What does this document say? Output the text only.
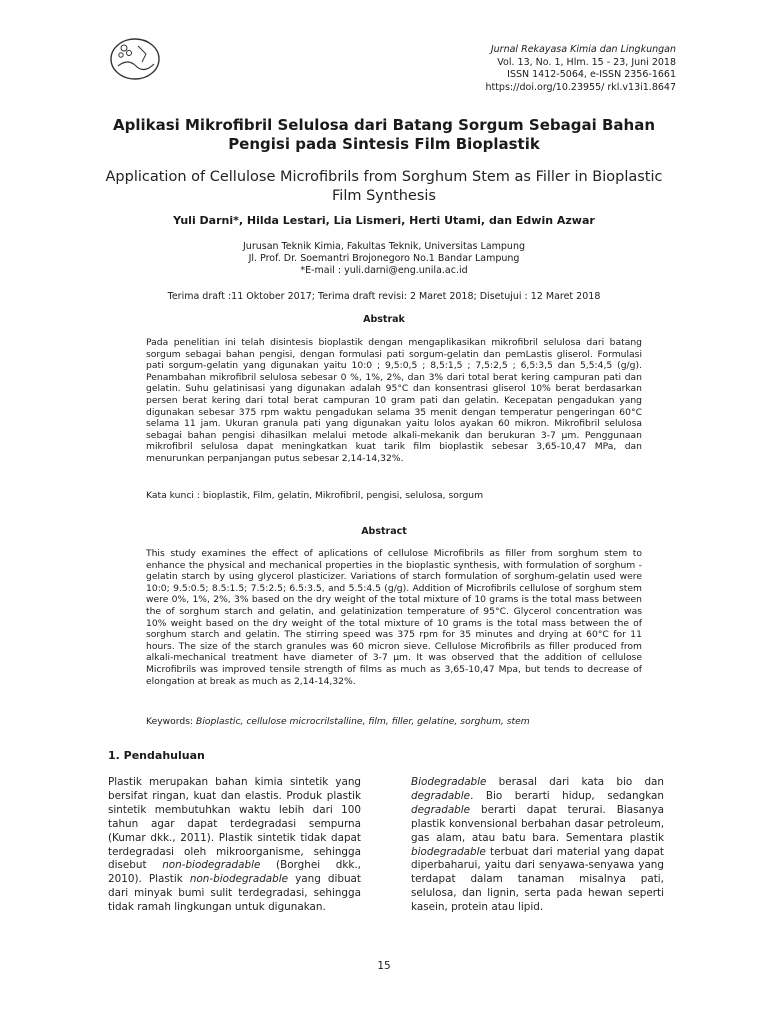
Jurnal Rekayasa Kimia dan Lingkungan
Vol. 13, No. 1, Hlm. 15 - 23, Juni 2018
ISSN 1412-5064, e-ISSN 2356-1661
https://doi.org/10.23955/ rkl.v13i1.8647
Aplikasi Mikrofibril Selulosa dari Batang Sorgum Sebagai Bahan Pengisi pada Sintesis Film Bioplastik
Application of Cellulose Microfibrils from Sorghum Stem as Filler in Bioplastic Film Synthesis
Yuli Darni*, Hilda Lestari, Lia Lismeri, Herti Utami, dan Edwin Azwar
Jurusan Teknik Kimia, Fakultas Teknik, Universitas Lampung
Jl. Prof. Dr. Soemantri Brojonegoro No.1 Bandar Lampung
*E-mail : yuli.darni@eng.unila.ac.id
Terima draft :11 Oktober 2017; Terima draft revisi: 2 Maret 2018; Disetujui : 12 Maret 2018
Abstrak
Pada penelitian ini telah disintesis bioplastik dengan mengaplikasikan mikrofibril selulosa dari batang sorgum sebagai bahan pengisi, dengan formulasi pati sorgum-gelatin dan pemLastis gliserol. Formulasi pati sorgum-gelatin yang digunakan yaitu 10:0 ; 9,5:0,5 ; 8,5:1,5 ; 7,5:2,5 ; 6,5:3,5 dan 5,5:4,5 (g/g). Penambahan mikrofibril selulosa sebesar 0 %, 1%, 2%, dan 3% dari total berat kering campuran pati dan gelatin. Suhu gelatinisasi yang digunakan adalah 95°C dan konsentrasi gliserol 10% berat berdasarkan persen berat kering dari total berat campuran 10 gram pati dan gelatin. Kecepatan pengadukan yang digunakan sebesar 375 rpm waktu pengadukan selama 35 menit dengan temperatur pengeringan 60°C selama 11 jam. Ukuran granula pati yang digunakan yaitu lolos ayakan 60 mikron. Mikrofibril selulosa sebagai bahan pengisi dihasilkan melalui metode alkali-mekanik dan berukuran 3-7 μm. Penggunaan mikrofibril selulosa dapat meningkatkan kuat tarik film bioplastik sebesar 3,65-10,47 MPa, dan menurunkan perpanjangan putus sebesar 2,14-14,32%.
Kata kunci : bioplastik, Film, gelatin, Mikrofibril, pengisi, selulosa, sorgum
Abstract
This study examines the effect of aplications of cellulose Microfibrils as filler from sorghum stem to enhance the physical and mechanical properties in the bioplastic synthesis, with formulation of sorghum - gelatin starch by using glycerol plasticizer. Variations of starch formulation of sorghum-gelatin used were 10:0; 9.5:0.5; 8.5:1.5; 7.5:2.5; 6.5:3.5, and 5.5:4.5 (g/g). Addition of Microfibrils cellulose of sorghum stem were 0%, 1%, 2%, 3% based on the dry weight of the total mixture of 10 grams is the total mass between the of sorghum starch and gelatin, and gelatinization temperature of 95°C. Glycerol concentration was 10% weight based on the dry weight of the total mixture of 10 grams is the total mass between the of sorghum starch and gelatin. The stirring speed was 375 rpm for 35 minutes and drying at 60°C for 11 hours. The size of the starch granules was 60 micron sieve. Cellulose Microfibrils as filler produced from alkali-mechanical treatment have diameter of 3-7 μm. It was observed that the addition of cellulose Microfibrils was improved tensile strength of films as much as 3,65-10,47 Mpa, but tends to decrease of elongation at break as much as 2,14-14,32%.
Keywords: Bioplastic, cellulose microcrilstalline, film, filler, gelatine, sorghum, stem
1. Pendahuluan
Plastik merupakan bahan kimia sintetik yang bersifat ringan, kuat dan elastis. Produk plastik sintetik membutuhkan waktu lebih dari 100 tahun agar dapat terdegradasi sempurna (Kumar dkk., 2011). Plastik sintetik tidak dapat terdegradasi oleh mikroorganisme, sehingga disebut non-biodegradable (Borghei dkk., 2010). Plastik non-biodegradable yang dibuat dari minyak bumi sulit terdegradasi, sehingga tidak ramah lingkungan untuk digunakan.
Biodegradable berasal dari kata bio dan degradable. Bio berarti hidup, sedangkan degradable berarti dapat terurai. Biasanya plastik konvensional berbahan dasar petroleum, gas alam, atau batu bara. Sementara plastik biodegradable terbuat dari material yang dapat diperbaharui, yaitu dari senyawa-senyawa yang terdapat dalam tanaman misalnya pati, selulosa, dan lignin, serta pada hewan seperti kasein, protein atau lipid.
15
